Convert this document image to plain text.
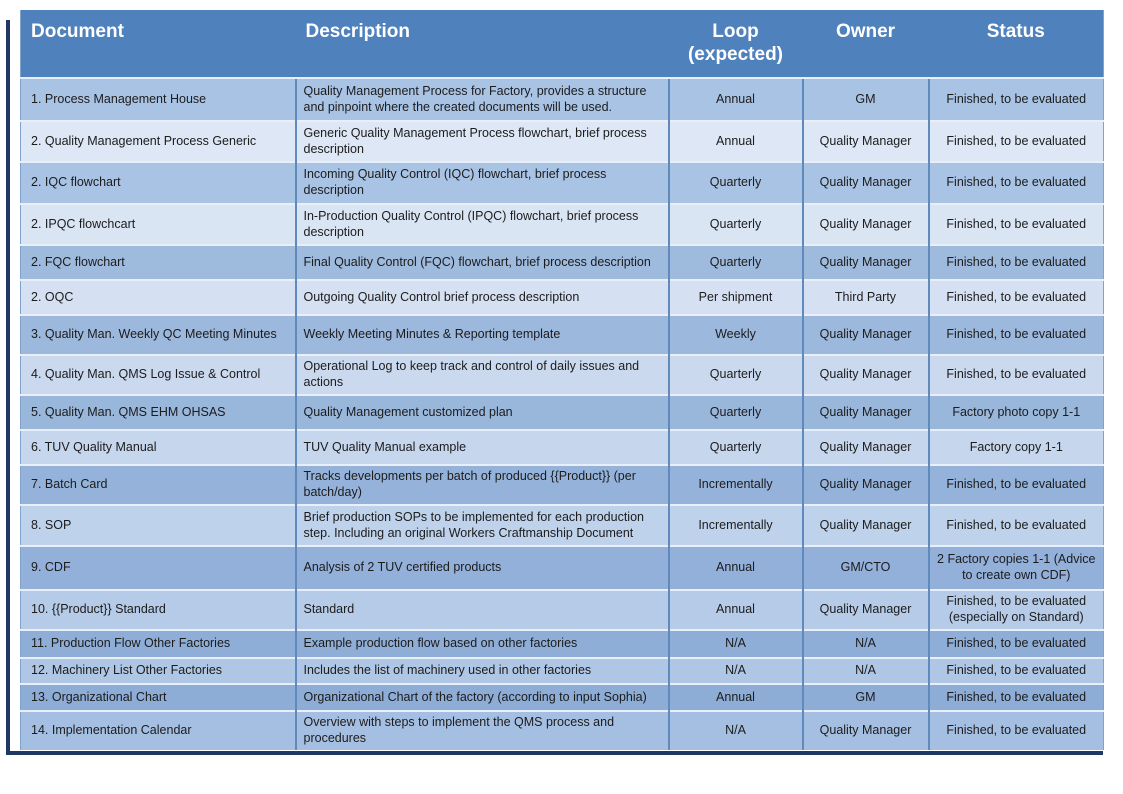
Document	Description	Loop (expected)	Owner	Status
1. Process Management House	Quality Management Process for Factory, provides a structure and pinpoint where the created documents will be used.	Annual	GM	Finished, to be evaluated
2. Quality Management Process Generic	Generic Quality Management Process flowchart, brief process description	Annual	Quality Manager	Finished, to be evaluated
2. IQC flowchart	Incoming Quality Control (IQC) flowchart, brief process description	Quarterly	Quality Manager	Finished, to be evaluated
2. IPQC flowchcart	In-Production Quality Control (IPQC) flowchart, brief process description	Quarterly	Quality Manager	Finished, to be evaluated
2. FQC flowchart	Final Quality Control (FQC) flowchart, brief process description	Quarterly	Quality Manager	Finished, to be evaluated
2. OQC	Outgoing Quality Control brief process description	Per shipment	Third Party	Finished, to be evaluated
3. Quality Man. Weekly QC Meeting Minutes	Weekly Meeting Minutes & Reporting template	Weekly	Quality Manager	Finished, to be evaluated
4. Quality Man. QMS Log Issue & Control	Operational Log to keep track and control of daily issues and actions	Quarterly	Quality Manager	Finished, to be evaluated
5. Quality Man. QMS EHM OHSAS	Quality Management customized plan	Quarterly	Quality Manager	Factory photo copy 1-1
6. TUV Quality Manual	TUV Quality Manual example	Quarterly	Quality Manager	Factory copy 1-1
7. Batch Card	Tracks developments per batch of produced {{Product}} (per batch/day)	Incrementally	Quality Manager	Finished, to be evaluated
8. SOP	Brief production SOPs to be implemented for each production step. Including an original Workers Craftmanship Document	Incrementally	Quality Manager	Finished, to be evaluated
9. CDF	Analysis of 2 TUV certified products	Annual	GM/CTO	2 Factory copies 1-1 (Advice to create own CDF)
10. {{Product}} Standard	Standard	Annual	Quality Manager	Finished, to be evaluated (especially on Standard)
11. Production Flow Other Factories	Example production flow based on other factories	N/A	N/A	Finished, to be evaluated
12. Machinery List Other Factories	Includes the list of machinery used in other factories	N/A	N/A	Finished, to be evaluated
13. Organizational Chart	Organizational Chart of the factory (according to input Sophia)	Annual	GM	Finished, to be evaluated
14. Implementation Calendar	Overview with steps to implement the QMS process and procedures	N/A	Quality Manager	Finished, to be evaluated
